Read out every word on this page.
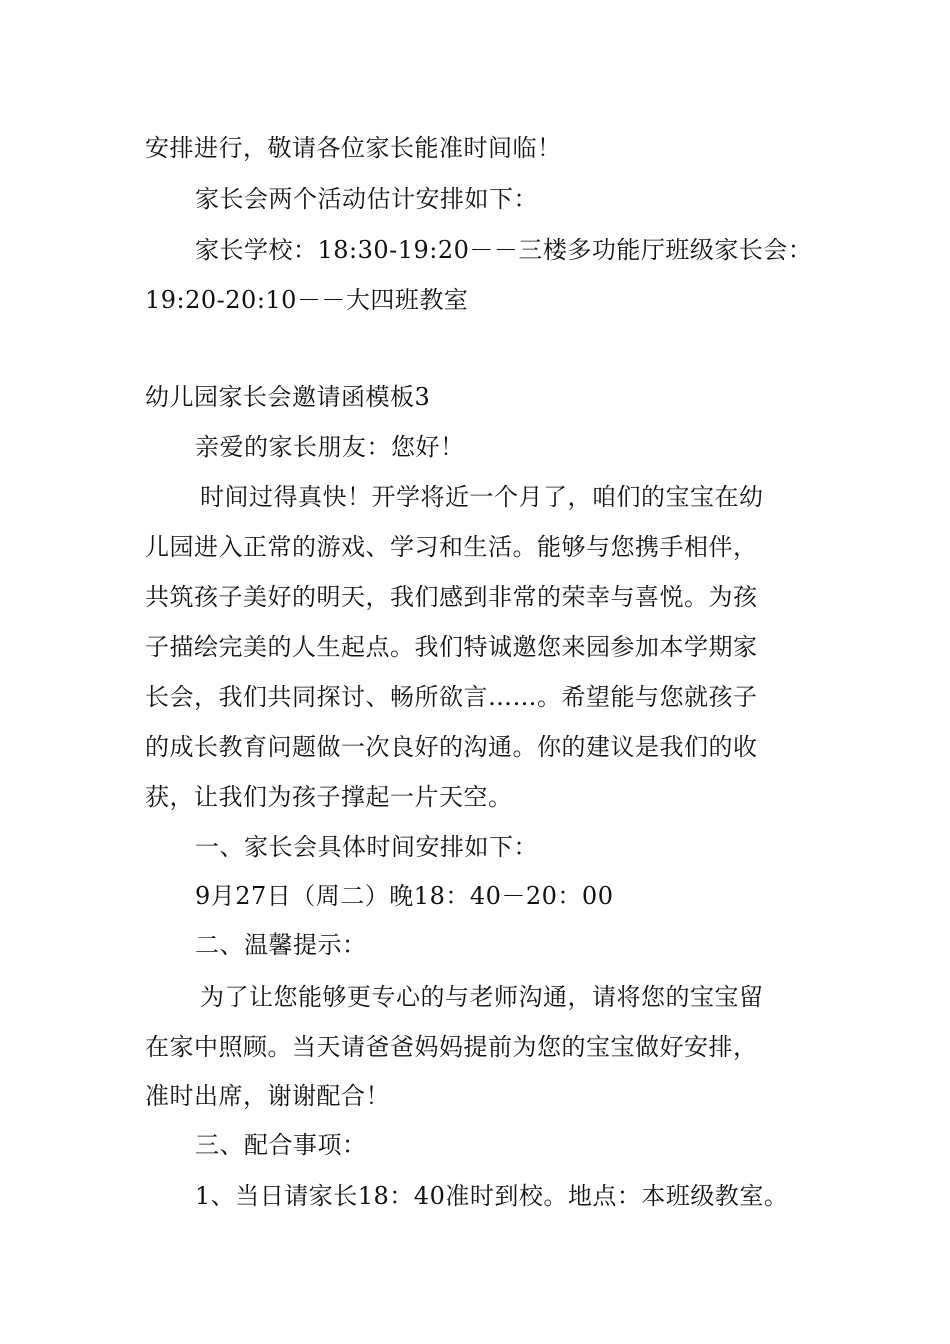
安排进行，敬请各位家长能准时间临！
家长会两个活动估计安排如下：
家长学校：18:30-19:20－－三楼多功能厅班级家长会：
19:20-20:10－－大四班教室
幼儿园家长会邀请函模板3
亲爱的家长朋友：您好！
时间过得真快！开学将近一个月了，咱们的宝宝在幼
儿园进入正常的游戏、学习和生活。能够与您携手相伴，
共筑孩子美好的明天，我们感到非常的荣幸与喜悦。为孩
子描绘完美的人生起点。我们特诚邀您来园参加本学期家
长会，我们共同探讨、畅所欲言……。希望能与您就孩子
的成长教育问题做一次良好的沟通。你的建议是我们的收
获，让我们为孩子撑起一片天空。
一、家长会具体时间安排如下：
9月27日（周二）晚18：40－20：00
二、温馨提示：
为了让您能够更专心的与老师沟通，请将您的宝宝留
在家中照顾。当天请爸爸妈妈提前为您的宝宝做好安排，
准时出席，谢谢配合！
三、配合事项：
1、当日请家长18：40准时到校。地点：本班级教室。
